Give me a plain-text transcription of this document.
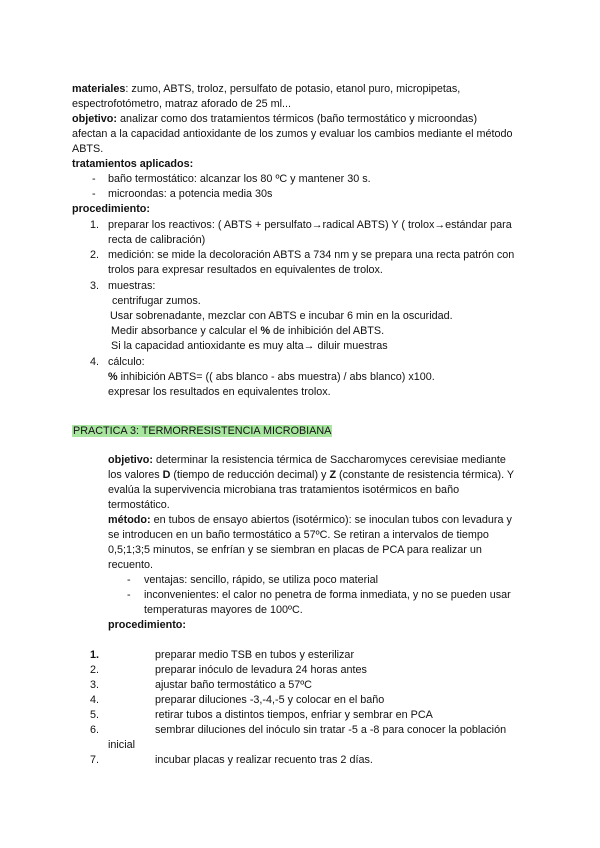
materiales: zumo, ABTS, troloz, persulfato de potasio, etanol puro, micropipetas,
espectrofotómetro, matraz aforado de 25 ml...
objetivo: analizar como dos tratamientos térmicos (baño termostático y microondas)
afectan a la capacidad antioxidante de los zumos y evaluar los cambios mediante el método
ABTS.
tratamientos aplicados:
- baño termostático: alcanzar los 80 ºC y mantener 30 s.
- microondas: a potencia media 30s
procedimiento:
1. preparar los reactivos: ( ABTS + persulfato→radical ABTS) Y ( trolox→estándar para
recta de calibración)
2. medición: se mide la decoloración ABTS a 734 nm y se prepara una recta patrón con
trolos para expresar resultados en equivalentes de trolox.
3. muestras:
centrifugar zumos.
Usar sobrenadante, mezclar con ABTS e incubar 6 min en la oscuridad.
Medir absorbance y calcular el % de inhibición del ABTS.
Si la capacidad antioxidante es muy alta→ diluir muestras
4. cálculo:
% inhibición ABTS= (( abs blanco - abs muestra) / abs blanco) x100.
expresar los resultados en equivalentes trolox.
PRACTICA 3: TERMORRESISTENCIA MICROBIANA
objetivo: determinar la resistencia térmica de Saccharomyces cerevisiae mediante
los valores D (tiempo de reducción decimal) y Z (constante de resistencia térmica). Y
evalúa la supervivencia microbiana tras tratamientos isotérmicos en baño
termostático.
método: en tubos de ensayo abiertos (isotérmico): se inoculan tubos con levadura y
se introducen en un baño termostático a 57ºC. Se retiran a intervalos de tiempo
0,5;1;3;5 minutos, se enfrían y se siembran en placas de PCA para realizar un
recuento.
- ventajas: sencillo, rápido, se utiliza poco material
- inconvenientes: el calor no penetra de forma inmediata, y no se pueden usar
temperaturas mayores de 100ºC.
procedimiento:
1.	preparar medio TSB en tubos y esterilizar
2.	preparar inóculo de levadura 24 horas antes
3.	ajustar baño termostático a 57ºC
4.	preparar diluciones -3,-4,-5 y colocar en el baño
5.	retirar tubos a distintos tiempos, enfriar y sembrar en PCA
6.	sembrar diluciones del inóculo sin tratar -5 a -8 para conocer la población
inicial
7.	incubar placas y realizar recuento tras 2 días.
